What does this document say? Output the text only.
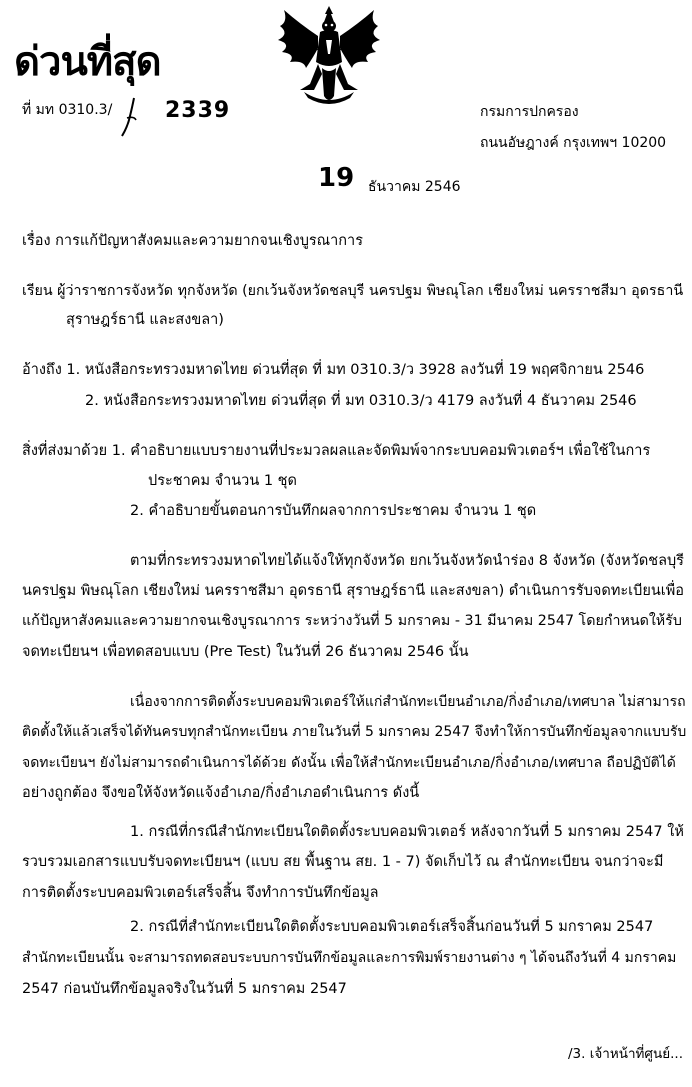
ด่วนที่สุด
ที่ มท 0310.3/ 2339	กรมการปกครอง
ถนนอัษฎางค์ กรุงเทพฯ 10200
19 ธันวาคม 2546
เรื่อง การแก้ปัญหาสังคมและความยากจนเชิงบูรณาการ
เรียน ผู้ว่าราชการจังหวัด ทุกจังหวัด (ยกเว้นจังหวัดชลบุรี นครปฐม พิษณุโลก เชียงใหม่ นครราชสีมา อุดรธานี
สุราษฎร์ธานี และสงขลา)
อ้างถึง 1. หนังสือกระทรวงมหาดไทย ด่วนที่สุด ที่ มท 0310.3/ว 3928 ลงวันที่ 19 พฤศจิกายน 2546
2. หนังสือกระทรวงมหาดไทย ด่วนที่สุด ที่ มท 0310.3/ว 4179 ลงวันที่ 4 ธันวาคม 2546
สิ่งที่ส่งมาด้วย 1. คำอธิบายแบบรายงานที่ประมวลผลและจัดพิมพ์จากระบบคอมพิวเตอร์ฯ เพื่อใช้ในการ
ประชาคม จำนวน 1 ชุด
2. คำอธิบายขั้นตอนการบันทึกผลจากการประชาคม จำนวน 1 ชุด
ตามที่กระทรวงมหาดไทยได้แจ้งให้ทุกจังหวัด ยกเว้นจังหวัดนำร่อง 8 จังหวัด (จังหวัดชลบุรี
นครปฐม พิษณุโลก เชียงใหม่ นครราชสีมา อุดรธานี สุราษฎร์ธานี และสงขลา) ดำเนินการรับจดทะเบียนเพื่อ
แก้ปัญหาสังคมและความยากจนเชิงบูรณาการ ระหว่างวันที่ 5 มกราคม - 31 มีนาคม 2547 โดยกำหนดให้รับ
จดทะเบียนฯ เพื่อทดสอบแบบ (Pre Test) ในวันที่ 26 ธันวาคม 2546 นั้น
เนื่องจากการติดตั้งระบบคอมพิวเตอร์ให้แก่สำนักทะเบียนอำเภอ/กิ่งอำเภอ/เทศบาล ไม่สามารถ
ติดตั้งให้แล้วเสร็จได้ทันครบทุกสำนักทะเบียน ภายในวันที่ 5 มกราคม 2547 จึงทำให้การบันทึกข้อมูลจากแบบรับ
จดทะเบียนฯ ยังไม่สามารถดำเนินการได้ด้วย ดังนั้น เพื่อให้สำนักทะเบียนอำเภอ/กิ่งอำเภอ/เทศบาล ถือปฏิบัติได้
อย่างถูกต้อง จึงขอให้จังหวัดแจ้งอำเภอ/กิ่งอำเภอดำเนินการ ดังนี้
1. กรณีที่กรณีสำนักทะเบียนใดติดตั้งระบบคอมพิวเตอร์ หลังจากวันที่ 5 มกราคม 2547 ให้
รวบรวมเอกสารแบบรับจดทะเบียนฯ (แบบ สย พื้นฐาน สย. 1 - 7) จัดเก็บไว้ ณ สำนักทะเบียน จนกว่าจะมี
การติดตั้งระบบคอมพิวเตอร์เสร็จสิ้น จึงทำการบันทึกข้อมูล
2. กรณีที่สำนักทะเบียนใดติดตั้งระบบคอมพิวเตอร์เสร็จสิ้นก่อนวันที่ 5 มกราคม 2547
สำนักทะเบียนนั้น จะสามารถทดสอบระบบการบันทึกข้อมูลและการพิมพ์รายงานต่าง ๆ ได้จนถึงวันที่ 4 มกราคม
2547 ก่อนบันทึกข้อมูลจริงในวันที่ 5 มกราคม 2547
/3. เจ้าหน้าที่ศูนย์...
